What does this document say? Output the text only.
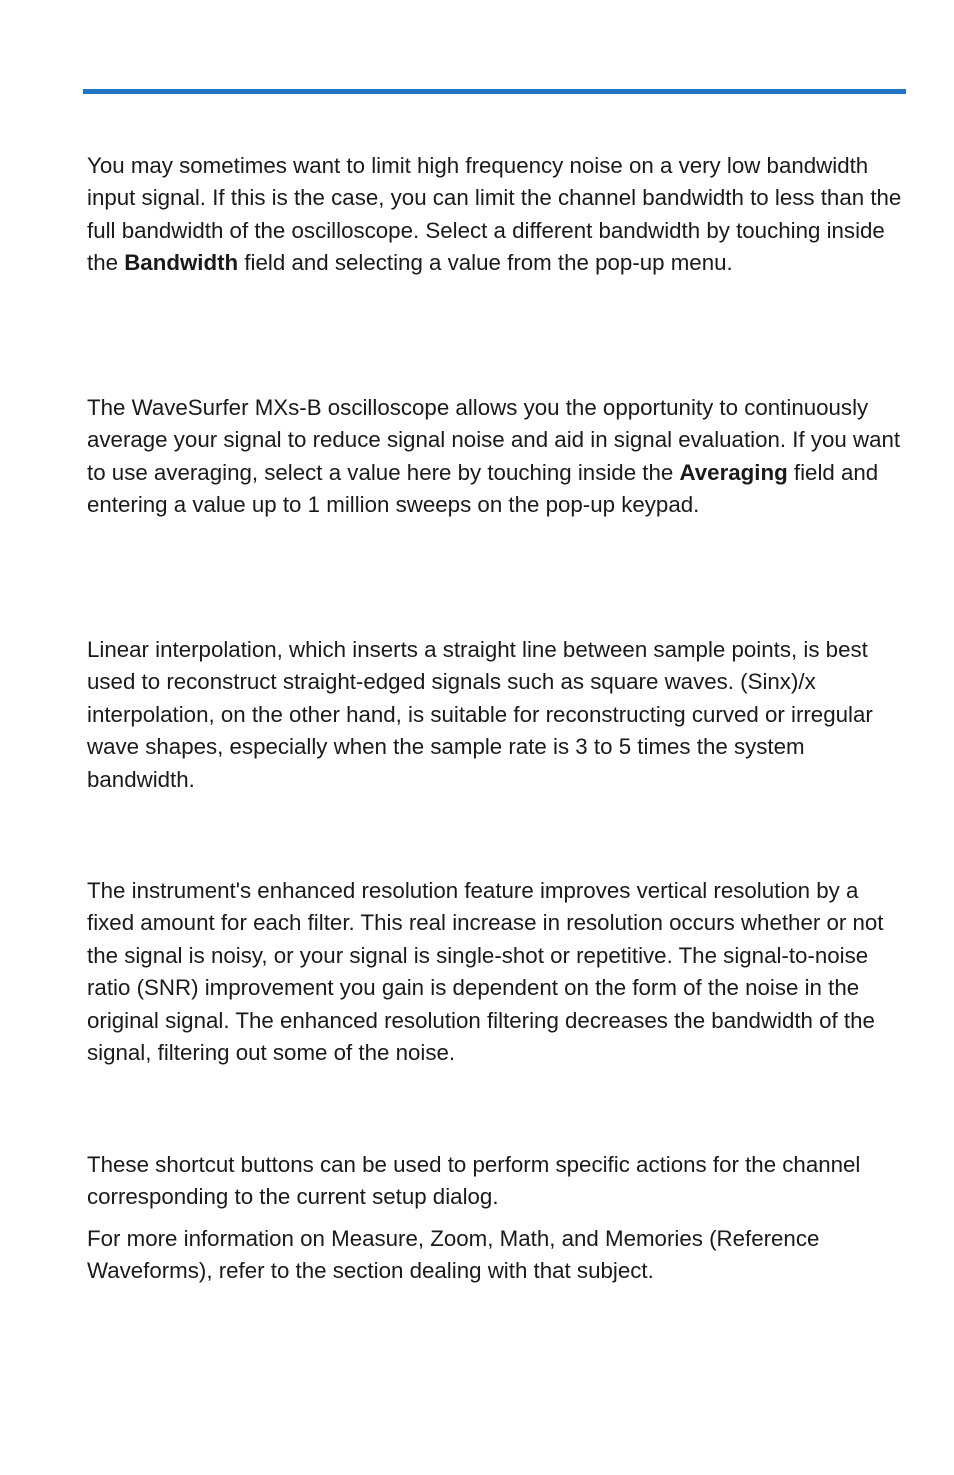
You may sometimes want to limit high frequency noise on a very low bandwidth input signal. If this is the case, you can limit the channel bandwidth to less than the full bandwidth of the oscilloscope. Select a different bandwidth by touching inside the Bandwidth field and selecting a value from the pop-up menu.

The WaveSurfer MXs-B oscilloscope allows you the opportunity to continuously average your signal to reduce signal noise and aid in signal evaluation. If you want to use averaging, select a value here by touching inside the Averaging field and entering a value up to 1 million sweeps on the pop-up keypad.

Linear interpolation, which inserts a straight line between sample points, is best used to reconstruct straight-edged signals such as square waves. (Sinx)/x interpolation, on the other hand, is suitable for reconstructing curved or irregular wave shapes, especially when the sample rate is 3 to 5 times the system bandwidth.

The instrument's enhanced resolution feature improves vertical resolution by a fixed amount for each filter. This real increase in resolution occurs whether or not the signal is noisy, or your signal is single-shot or repetitive. The signal-to-noise ratio (SNR) improvement you gain is dependent on the form of the noise in the original signal. The enhanced resolution filtering decreases the bandwidth of the signal, filtering out some of the noise.

These shortcut buttons can be used to perform specific actions for the channel corresponding to the current setup dialog.

For more information on Measure, Zoom, Math, and Memories (Reference Waveforms), refer to the section dealing with that subject.
